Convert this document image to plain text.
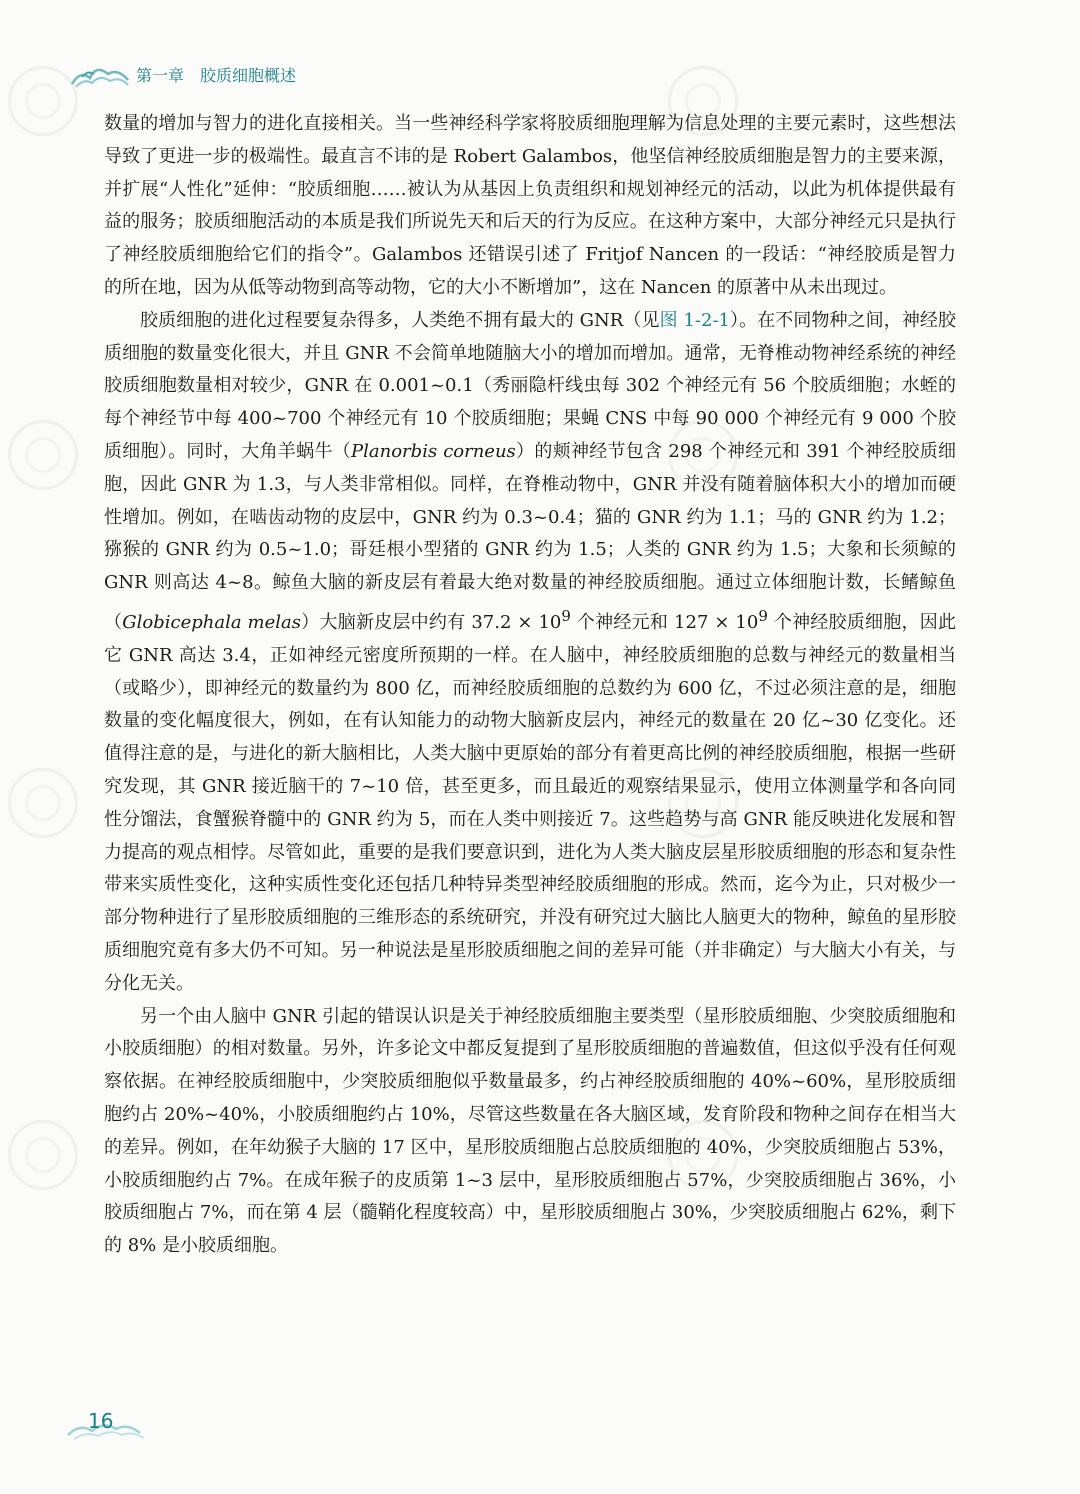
第一章　胶质细胞概述

数量的增加与智力的进化直接相关。当一些神经科学家将胶质细胞理解为信息处理的主要元素时，这些想法导致了更进一步的极端性。最直言不讳的是 Robert Galambos，他坚信神经胶质细胞是智力的主要来源，并扩展“人性化”延伸：“胶质细胞……被认为从基因上负责组织和规划神经元的活动，以此为机体提供最有益的服务；胶质细胞活动的本质是我们所说先天和后天的行为反应。在这种方案中，大部分神经元只是执行了神经胶质细胞给它们的指令”。Galambos 还错误引述了 Fritjof Nancen 的一段话：“神经胶质是智力的所在地，因为从低等动物到高等动物，它的大小不断增加”，这在 Nancen 的原著中从未出现过。

胶质细胞的进化过程要复杂得多，人类绝不拥有最大的 GNR（见图 1-2-1）。在不同物种之间，神经胶质细胞的数量变化很大，并且 GNR 不会简单地随脑大小的增加而增加。通常，无脊椎动物神经系统的神经胶质细胞数量相对较少，GNR 在 0.001~0.1（秀丽隐杆线虫每 302 个神经元有 56 个胶质细胞；水蛭的每个神经节中每 400~700 个神经元有 10 个胶质细胞；果蝇 CNS 中每 90 000 个神经元有 9 000 个胶质细胞）。同时，大角羊蜗牛（Planorbis corneus）的颊神经节包含 298 个神经元和 391 个神经胶质细胞，因此 GNR 为 1.3，与人类非常相似。同样，在脊椎动物中，GNR 并没有随着脑体积大小的增加而硬性增加。例如，在啮齿动物的皮层中，GNR 约为 0.3~0.4；猫的 GNR 约为 1.1；马的 GNR 约为 1.2；猕猴的 GNR 约为 0.5~1.0；哥廷根小型猪的 GNR 约为 1.5；人类的 GNR 约为 1.5；大象和长须鲸的 GNR 则高达 4~8。鲸鱼大脑的新皮层有着最大绝对数量的神经胶质细胞。通过立体细胞计数，长鳍鲸鱼（Globicephala melas）大脑新皮层中约有 $37.2 \times 10^9$ 个神经元和 $127 \times 10^9$ 个神经胶质细胞，因此它 GNR 高达 3.4，正如神经元密度所预期的一样。在人脑中，神经胶质细胞的总数与神经元的数量相当（或略少），即神经元的数量约为 800 亿，而神经胶质细胞的总数约为 600 亿，不过必须注意的是，细胞数量的变化幅度很大，例如，在有认知能力的动物大脑新皮层内，神经元的数量在 20 亿~30 亿变化。还值得注意的是，与进化的新大脑相比，人类大脑中更原始的部分有着更高比例的神经胶质细胞，根据一些研究发现，其 GNR 接近脑干的 7~10 倍，甚至更多，而且最近的观察结果显示，使用立体测量学和各向同性分馏法，食蟹猴脊髓中的 GNR 约为 5，而在人类中则接近 7。这些趋势与高 GNR 能反映进化发展和智力提高的观点相悖。尽管如此，重要的是我们要意识到，进化为人类大脑皮层星形胶质细胞的形态和复杂性带来实质性变化，这种实质性变化还包括几种特异类型神经胶质细胞的形成。然而，迄今为止，只对极少一部分物种进行了星形胶质细胞的三维形态的系统研究，并没有研究过大脑比人脑更大的物种，鲸鱼的星形胶质细胞究竟有多大仍不可知。另一种说法是星形胶质细胞之间的差异可能（并非确定）与大脑大小有关，与分化无关。

另一个由人脑中 GNR 引起的错误认识是关于神经胶质细胞主要类型（星形胶质细胞、少突胶质细胞和小胶质细胞）的相对数量。另外，许多论文中都反复提到了星形胶质细胞的普遍数值，但这似乎没有任何观察依据。在神经胶质细胞中，少突胶质细胞似乎数量最多，约占神经胶质细胞的 40%~60%，星形胶质细胞约占 20%~40%，小胶质细胞约占 10%，尽管这些数量在各大脑区域，发育阶段和物种之间存在相当大的差异。例如，在年幼猴子大脑的 17 区中，星形胶质细胞占总胶质细胞的 40%，少突胶质细胞占 53%，小胶质细胞约占 7%。在成年猴子的皮质第 1~3 层中，星形胶质细胞占 57%，少突胶质细胞占 36%，小胶质细胞占 7%，而在第 4 层（髓鞘化程度较高）中，星形胶质细胞占 30%，少突胶质细胞占 62%，剩下的 8% 是小胶质细胞。

16
